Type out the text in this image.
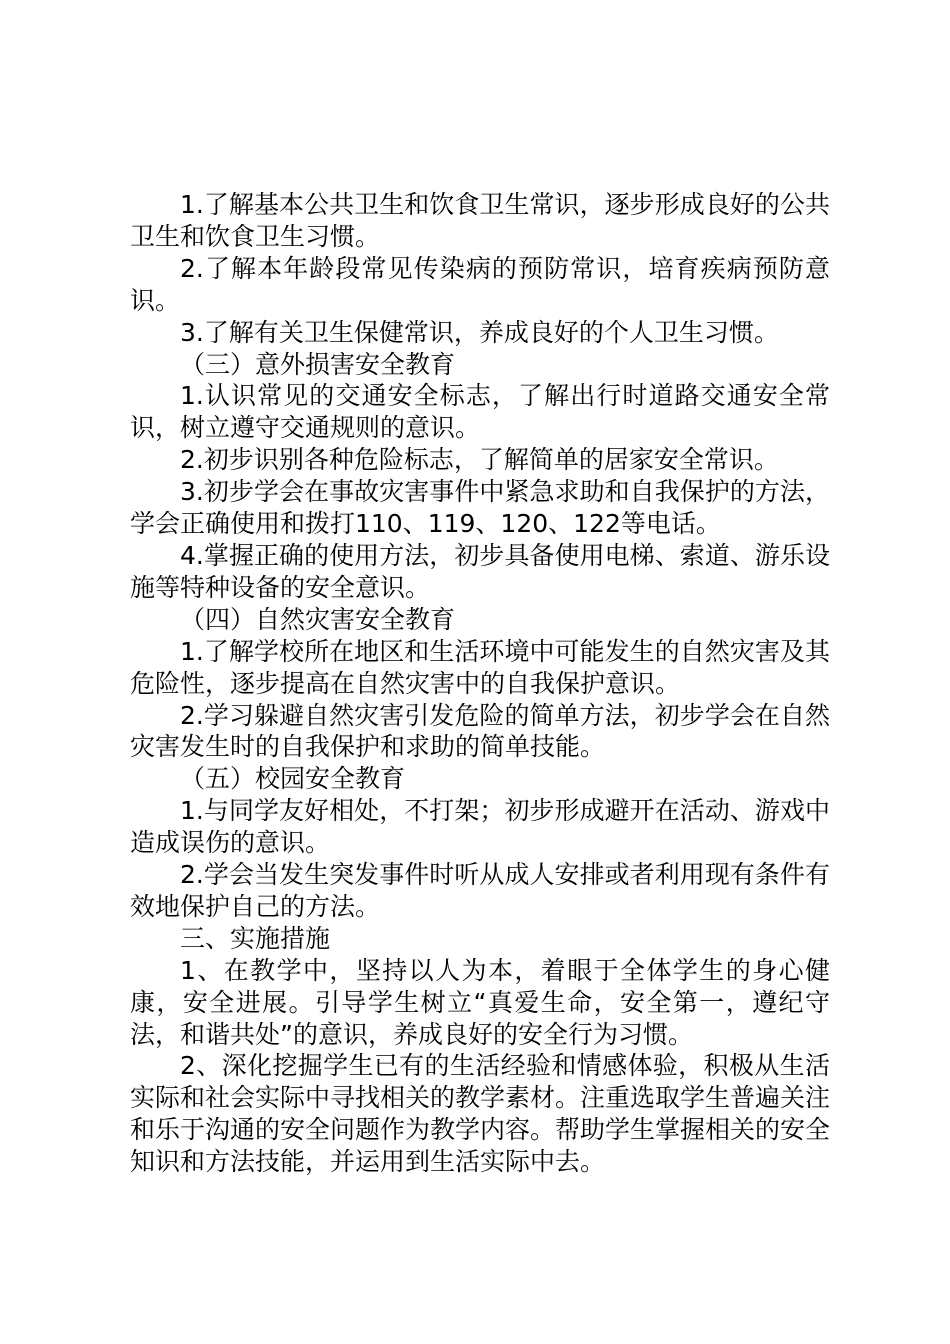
1.了解基本公共卫生和饮食卫生常识，逐步形成良好的公共卫生和饮食卫生习惯。

2.了解本年龄段常见传染病的预防常识，培育疾病预防意识。

3.了解有关卫生保健常识，养成良好的个人卫生习惯。

（三）意外损害安全教育

1.认识常见的交通安全标志，了解出行时道路交通安全常识，树立遵守交通规则的意识。

2.初步识别各种危险标志，了解简单的居家安全常识。

3.初步学会在事故灾害事件中紧急求助和自我保护的方法，学会正确使用和拨打110、119、120、122等电话。

4.掌握正确的使用方法，初步具备使用电梯、索道、游乐设施等特种设备的安全意识。

（四）自然灾害安全教育

1.了解学校所在地区和生活环境中可能发生的自然灾害及其危险性，逐步提高在自然灾害中的自我保护意识。

2.学习躲避自然灾害引发危险的简单方法，初步学会在自然灾害发生时的自我保护和求助的简单技能。

（五）校园安全教育

1.与同学友好相处，不打架；初步形成避开在活动、游戏中造成误伤的意识。

2.学会当发生突发事件时听从成人安排或者利用现有条件有效地保护自己的方法。

三、实施措施

1、在教学中，坚持以人为本，着眼于全体学生的身心健康，安全进展。引导学生树立“真爱生命，安全第一，遵纪守法，和谐共处”的意识，养成良好的安全行为习惯。

2、深化挖掘学生已有的生活经验和情感体验，积极从生活实际和社会实际中寻找相关的教学素材。注重选取学生普遍关注和乐于沟通的安全问题作为教学内容。帮助学生掌握相关的安全知识和方法技能，并运用到生活实际中去。
